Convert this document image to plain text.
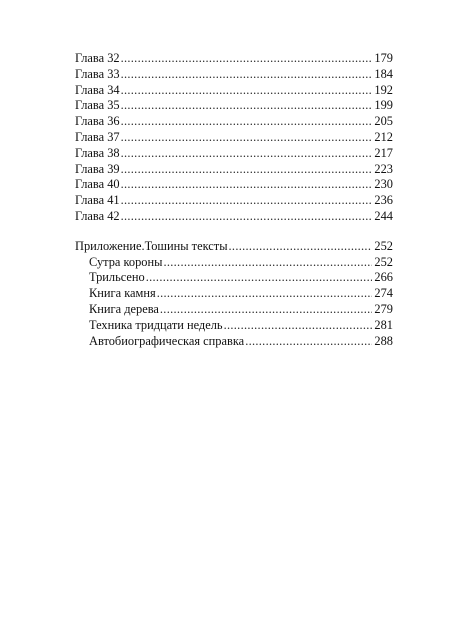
Глава 32 .....	179
Глава 33 .....	184
Глава 34 .....	192
Глава 35 .....	199
Глава 36 .....	205
Глава 37 .....	212
Глава 38 .....	217
Глава 39 .....	223
Глава 40 .....	230
Глава 41 .....	236
Глава 42 .....	244
Приложение.Тошины тексты .....	252
Сутра короны .....	252
Трильсено .....	266
Книга камня .....	274
Книга дерева .....	279
Техника тридцати недель .....	281
Автобиографическая справка .....	288
